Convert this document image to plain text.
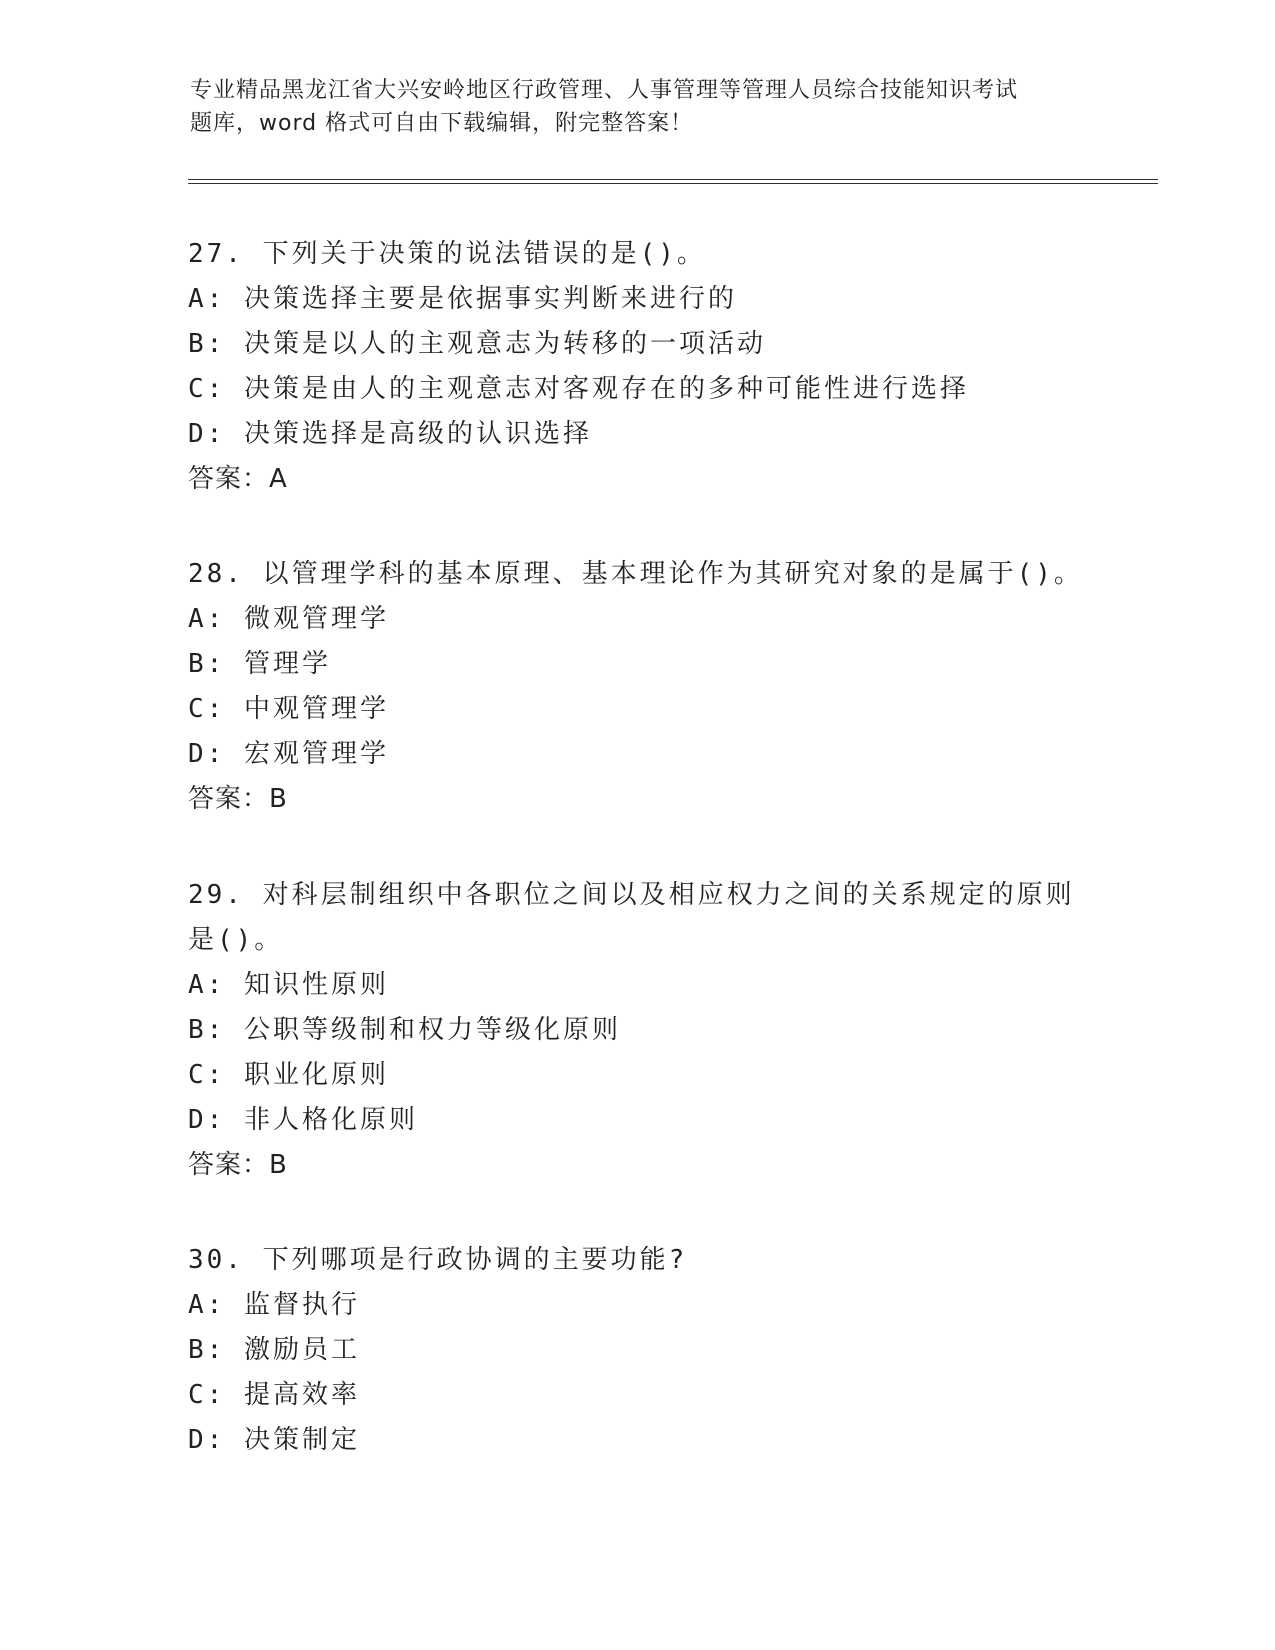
专业精品黑龙江省大兴安岭地区行政管理、人事管理等管理人员综合技能知识考试
题库，word 格式可自由下载编辑，附完整答案！
27. 下列关于决策的说法错误的是()。
A: 决策选择主要是依据事实判断来进行的
B: 决策是以人的主观意志为转移的一项活动
C: 决策是由人的主观意志对客观存在的多种可能性进行选择
D: 决策选择是高级的认识选择
答案：A
28. 以管理学科的基本原理、基本理论作为其研究对象的是属于()。
A: 微观管理学
B: 管理学
C: 中观管理学
D: 宏观管理学
答案：B
29. 对科层制组织中各职位之间以及相应权力之间的关系规定的原则
是()。
A: 知识性原则
B: 公职等级制和权力等级化原则
C: 职业化原则
D: 非人格化原则
答案：B
30. 下列哪项是行政协调的主要功能?
A: 监督执行
B: 激励员工
C: 提高效率
D: 决策制定
